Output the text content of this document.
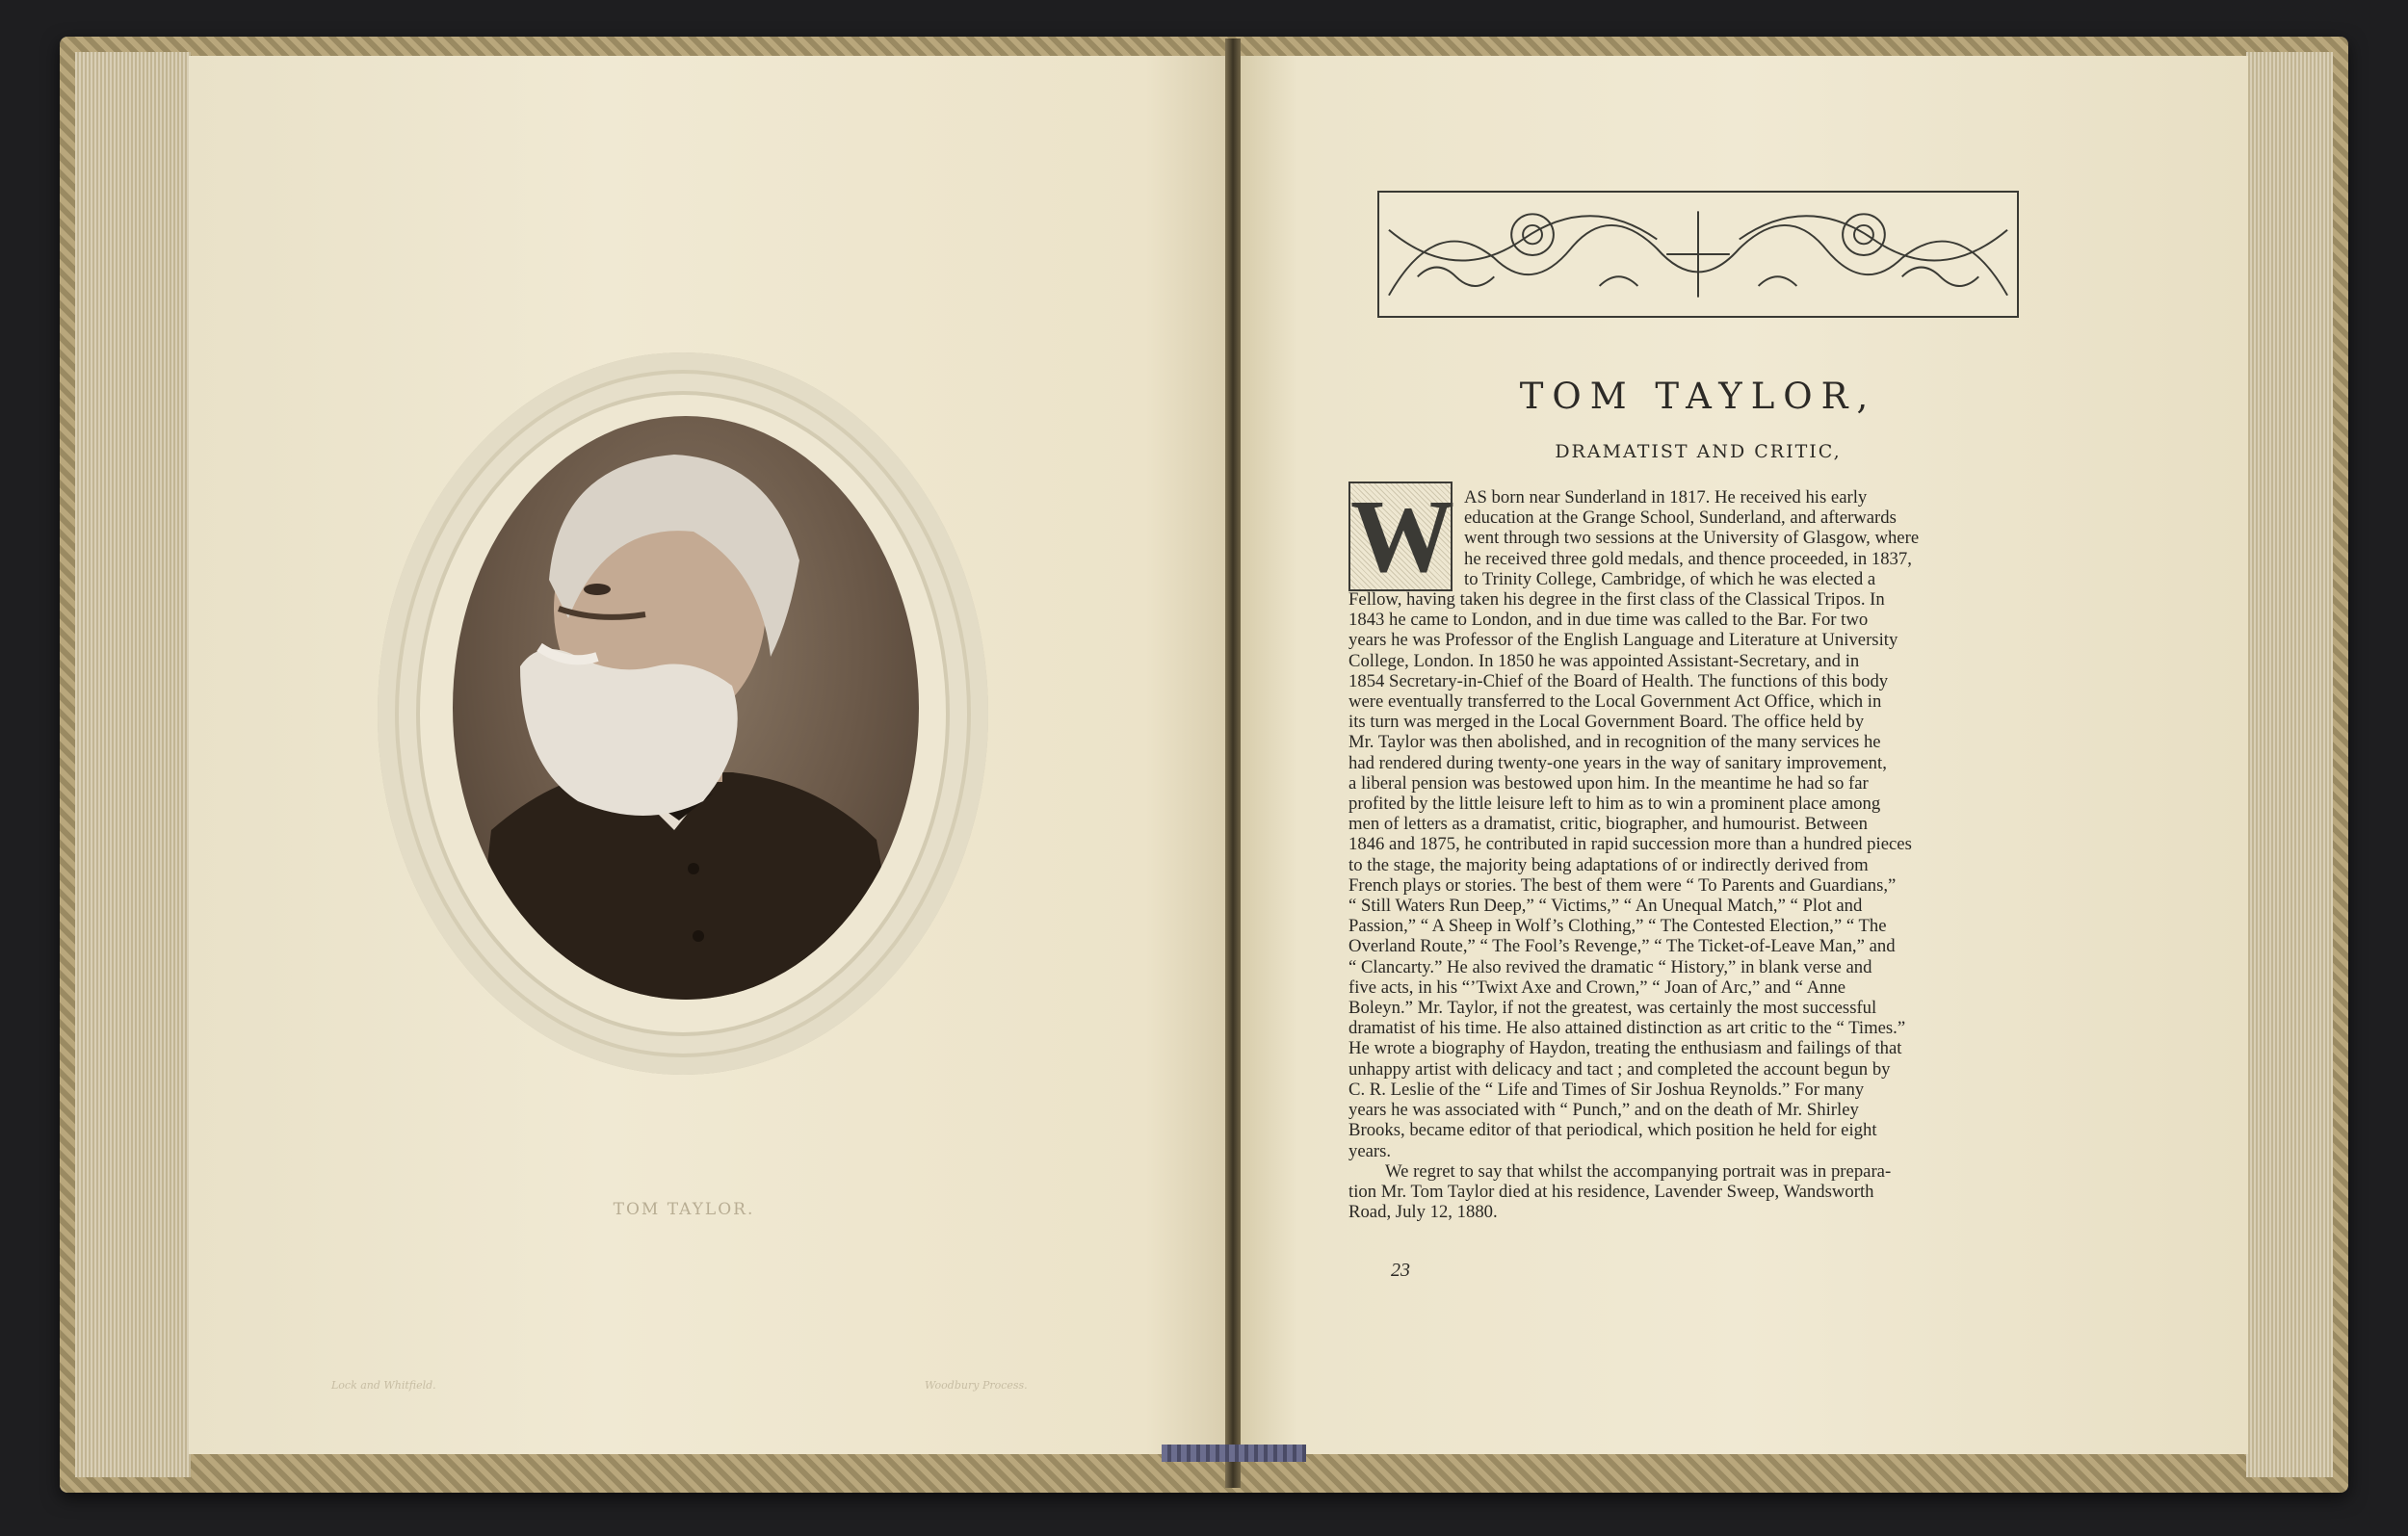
TOM TAYLOR.
Lock and Whitfield.	Woodbury Process.
TOM TAYLOR,
DRAMATIST AND CRITIC,
W AS born near Sunderland in 1817. He received his early
education at the Grange School, Sunderland, and afterwards
went through two sessions at the University of Glasgow, where
he received three gold medals, and thence proceeded, in 1837,
to Trinity College, Cambridge, of which he was elected a
Fellow, having taken his degree in the first class of the Classical Tripos. In
1843 he came to London, and in due time was called to the Bar. For two
years he was Professor of the English Language and Literature at University
College, London. In 1850 he was appointed Assistant-Secretary, and in
1854 Secretary-in-Chief of the Board of Health. The functions of this body
were eventually transferred to the Local Government Act Office, which in
its turn was merged in the Local Government Board. The office held by
Mr. Taylor was then abolished, and in recognition of the many services he
had rendered during twenty-one years in the way of sanitary improvement,
a liberal pension was bestowed upon him. In the meantime he had so far
profited by the little leisure left to him as to win a prominent place among
men of letters as a dramatist, critic, biographer, and humourist. Between
1846 and 1875, he contributed in rapid succession more than a hundred pieces
to the stage, the majority being adaptations of or indirectly derived from
French plays or stories. The best of them were “ To Parents and Guardians,”
“ Still Waters Run Deep,” “ Victims,” “ An Unequal Match,” “ Plot and
Passion,” “ A Sheep in Wolf’s Clothing,” “ The Contested Election,” “ The
Overland Route,” “ The Fool’s Revenge,” “ The Ticket-of-Leave Man,” and
“ Clancarty.” He also revived the dramatic “ History,” in blank verse and
five acts, in his “’Twixt Axe and Crown,” “ Joan of Arc,” and “ Anne
Boleyn.” Mr. Taylor, if not the greatest, was certainly the most successful
dramatist of his time. He also attained distinction as art critic to the “ Times.”
He wrote a biography of Haydon, treating the enthusiasm and failings of that
unhappy artist with delicacy and tact ; and completed the account begun by
C. R. Leslie of the “ Life and Times of Sir Joshua Reynolds.” For many
years he was associated with “ Punch,” and on the death of Mr. Shirley
Brooks, became editor of that periodical, which position he held for eight
years.
We regret to say that whilst the accompanying portrait was in prepara-
tion Mr. Tom Taylor died at his residence, Lavender Sweep, Wandsworth
Road, July 12, 1880.
23
